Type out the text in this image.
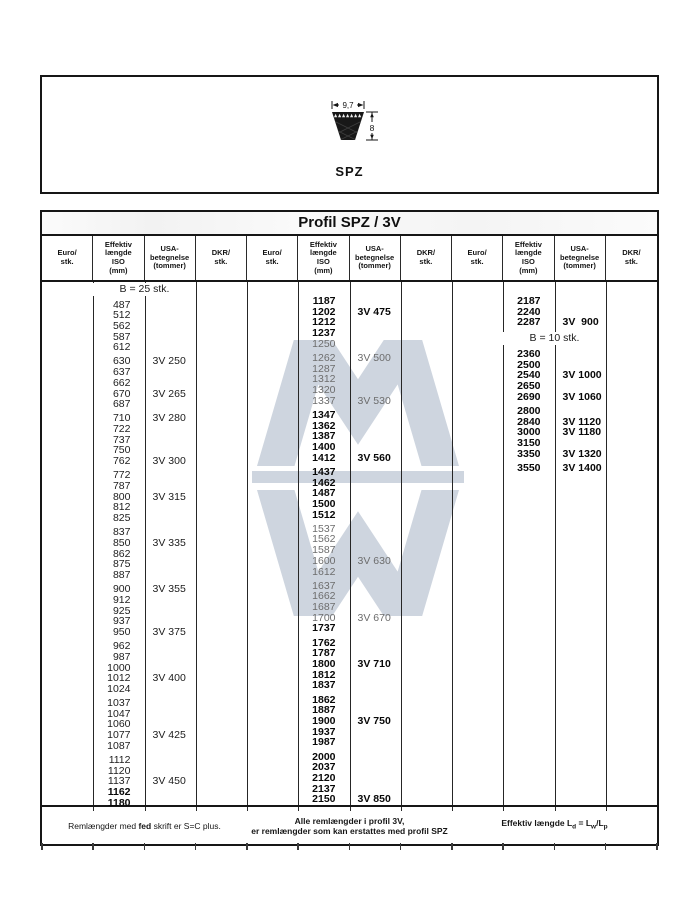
9,7
8
SPZ
Profil SPZ / 3V
Euro/
stk.
Effektiv
længde
ISO
(mm)
USA-
betegnelse
(tommer)
DKR/
stk.
Euro/
stk.
Effektiv
længde
ISO
(mm)
USA-
betegnelse
(tommer)
DKR/
stk.
Euro/
stk.
Effektiv
længde
ISO
(mm)
USA-
betegnelse
(tommer)
DKR/
stk.
B = 25 stk.
487
512
562
587
612
630	3V 250
637
662
670	3V 265
687
710	3V 280
722
737
750
762	3V 300
772
787
800	3V 315
812
825
837
850	3V 335
862
875
887
900	3V 355
912
925
937
950	3V 375
962
987
1000
1012	3V 400
1024
1037
1047
1060
1077	3V 425
1087
1112
1120
1137	3V 450
1162
1180
1187
1202	3V 475
1212
1237
1250
1262	3V 500
1287
1312
1320
1337	3V 530
1347
1362
1387
1400
1412	3V 560
1437
1462
1487
1500
1512
1537
1562
1587
1600	3V 630
1612
1637
1662
1687
1700	3V 670
1737
1762
1787
1800	3V 710
1812
1837
1862
1887
1900	3V 750
1937
1987
2000
2037
2120
2137
2150	3V 850
2187
2240
2287	3V  900
B = 10 stk.
2360
2500
2540	3V 1000
2650
2690	3V 1060
2800
2840	3V 1120
3000	3V 1180
3150
3350	3V 1320
3550	3V 1400
Remlængder med fed skrift er S=C plus.	Alle remlængder i profil 3V,
er remlængder som kan erstattes med profil SPZ
Effektiv længde $L_d = L_w/L_p$
